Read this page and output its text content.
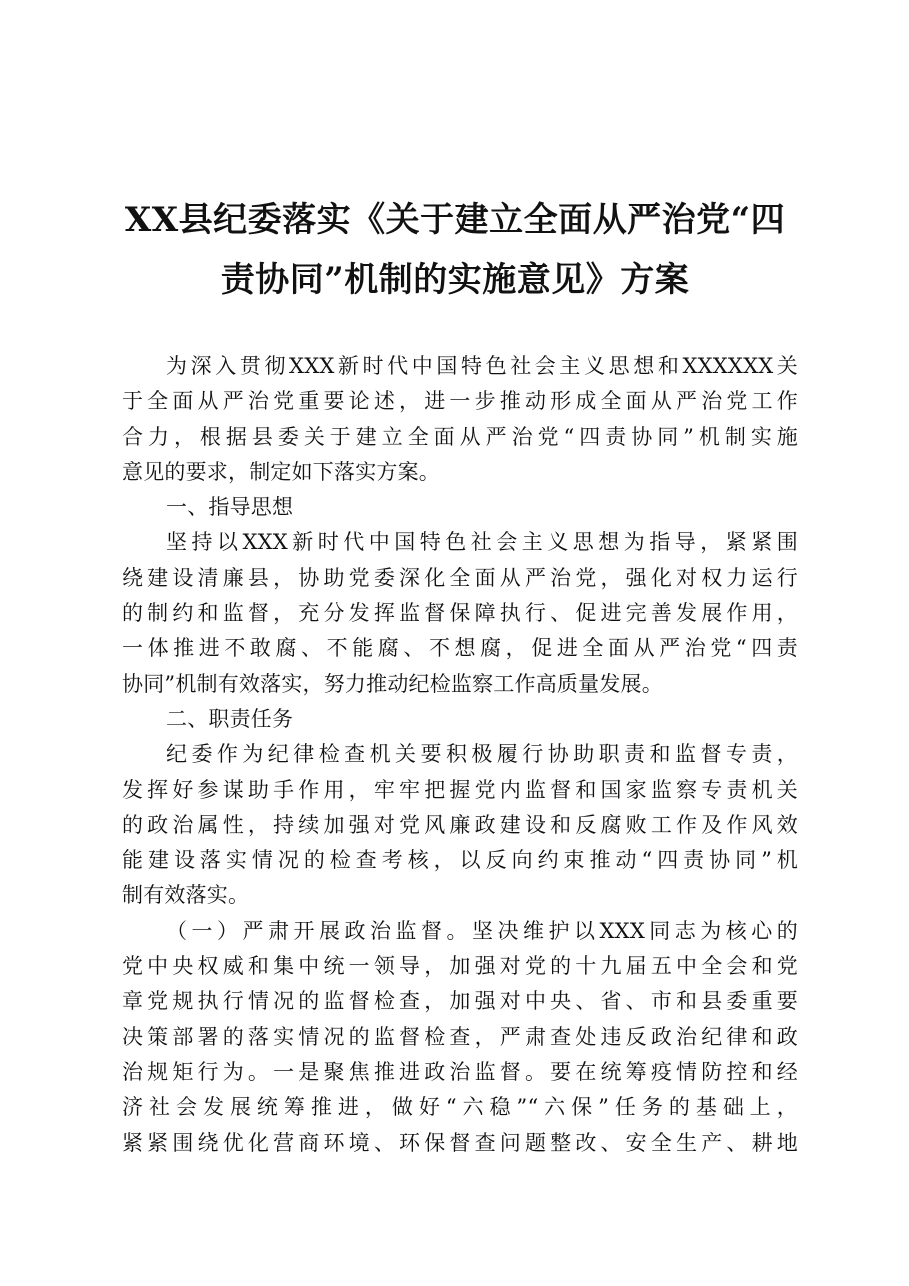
XX县纪委落实《关于建立全面从严治党“四
责协同”机制的实施意见》方案
为深入贯彻XXX新时代中国特色社会主义思想和XXXXXX关
于全面从严治党重要论述，进一步推动形成全面从严治党工作
合力，根据县委关于建立全面从严治党“四责协同”机制实施
意见的要求，制定如下落实方案。
一、指导思想
坚持以XXX新时代中国特色社会主义思想为指导，紧紧围
绕建设清廉县，协助党委深化全面从严治党，强化对权力运行
的制约和监督，充分发挥监督保障执行、促进完善发展作用，
一体推进不敢腐、不能腐、不想腐，促进全面从严治党“四责
协同”机制有效落实，努力推动纪检监察工作高质量发展。
二、职责任务
纪委作为纪律检查机关要积极履行协助职责和监督专责，
发挥好参谋助手作用，牢牢把握党内监督和国家监察专责机关
的政治属性，持续加强对党风廉政建设和反腐败工作及作风效
能建设落实情况的检查考核，以反向约束推动“四责协同”机
制有效落实。
（一）严肃开展政治监督。坚决维护以XXX同志为核心的
党中央权威和集中统一领导，加强对党的十九届五中全会和党
章党规执行情况的监督检查，加强对中央、省、市和县委重要
决策部署的落实情况的监督检查，严肃查处违反政治纪律和政
治规矩行为。一是聚焦推进政治监督。要在统筹疫情防控和经
济社会发展统筹推进，做好“六稳”“六保”任务的基础上，
紧紧围绕优化营商环境、环保督查问题整改、安全生产、耕地
